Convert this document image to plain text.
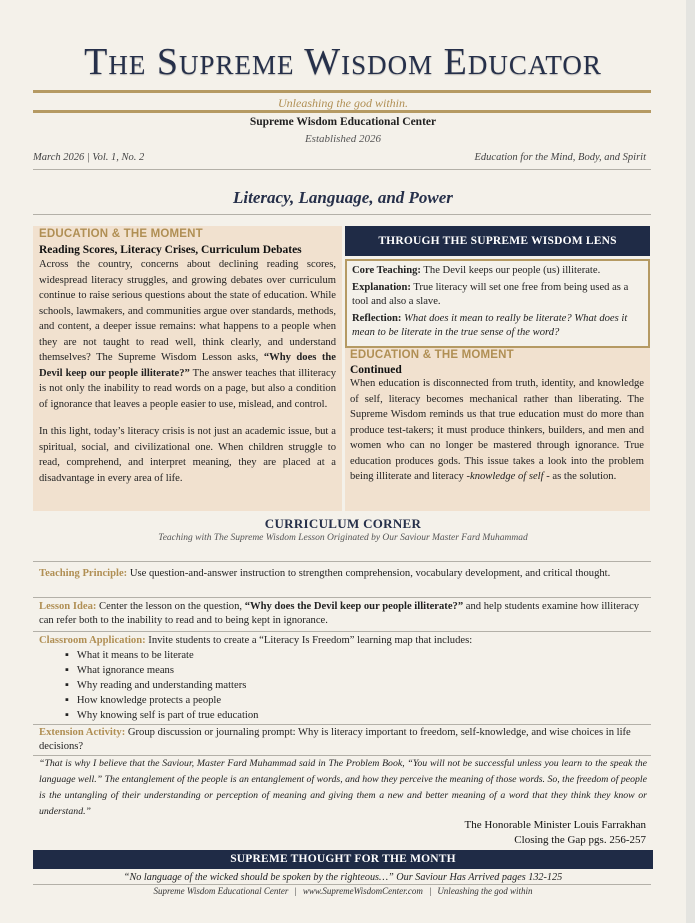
The Supreme Wisdom Educator
Unleashing the god within.
Supreme Wisdom Educational Center
Established 2026
March 2026 | Vol. 1, No. 2	Education for the Mind, Body, and Spirit
Literacy, Language, and Power
EDUCATION & THE MOMENT
Reading Scores, Literacy Crises, Curriculum Debates

Across the country, concerns about declining reading scores, widespread literacy struggles, and growing debates over curriculum continue to raise serious questions about the state of education. While schools, lawmakers, and communities argue over standards, methods, and content, a deeper issue remains: what happens to a people when they are not taught to read well, think clearly, and understand themselves? The Supreme Wisdom Lesson asks, “Why does the Devil keep our people illiterate?” The answer teaches that illiteracy is not only the inability to read words on a page, but also a condition of ignorance that leaves a people easier to use, mislead, and control.

In this light, today’s literacy crisis is not just an academic issue, but a spiritual, social, and civilizational one. When children struggle to read, comprehend, and interpret meaning, they are placed at a disadvantage in every area of life.

THROUGH THE SUPREME WISDOM LENS
Core Teaching: The Devil keeps our people (us) illiterate.
Explanation: True literacy will set one free from being used as a tool and also a slave.
Reflection: What does it mean to really be literate? What does it mean to be literate in the true sense of the word?
EDUCATION & THE MOMENT
Continued

When education is disconnected from truth, identity, and knowledge of self, literacy becomes mechanical rather than liberating. The Supreme Wisdom reminds us that true education must do more than produce test-takers; it must produce thinkers, builders, and men and women who can no longer be mastered through ignorance. True education produces gods. This issue takes a look into the problem being illiterate and literacy -knowledge of self - as the solution.

CURRICULUM CORNER
Teaching with The Supreme Wisdom Lesson Originated by Our Saviour Master Fard Muhammad
Teaching Principle: Use question-and-answer instruction to strengthen comprehension, vocabulary development, and critical thought.
Lesson Idea: Center the lesson on the question, “Why does the Devil keep our people illiterate?” and help students examine how illiteracy can refer both to the inability to read and to being kept in ignorance.
Classroom Application: Invite students to create a “Literacy Is Freedom” learning map that includes:
▪ What it means to be literate
▪ What ignorance means
▪ Why reading and understanding matters
▪ How knowledge protects a people
▪ Why knowing self is part of true education
Extension Activity: Group discussion or journaling prompt: Why is literacy important to freedom, self-knowledge, and wise choices in life decisions?
“That is why I believe that the Saviour, Master Fard Muhammad said in The Problem Book, “You will not be successful unless you learn to the speak the language well.” The entanglement of the people is an entanglement of words, and how they perceive the meaning of those words. So, the freedom of people is the untangling of their understanding or perception of meaning and giving them a new and better meaning of a word that they think they know or understand.”
The Honorable Minister Louis Farrakhan
Closing the Gap pgs. 256-257
SUPREME THOUGHT FOR THE MONTH
“No language of the wicked should be spoken by the righteous…” Our Saviour Has Arrived pages 132-125
Supreme Wisdom Educational Center | www.SupremeWisdomCenter.com | Unleashing the god within
